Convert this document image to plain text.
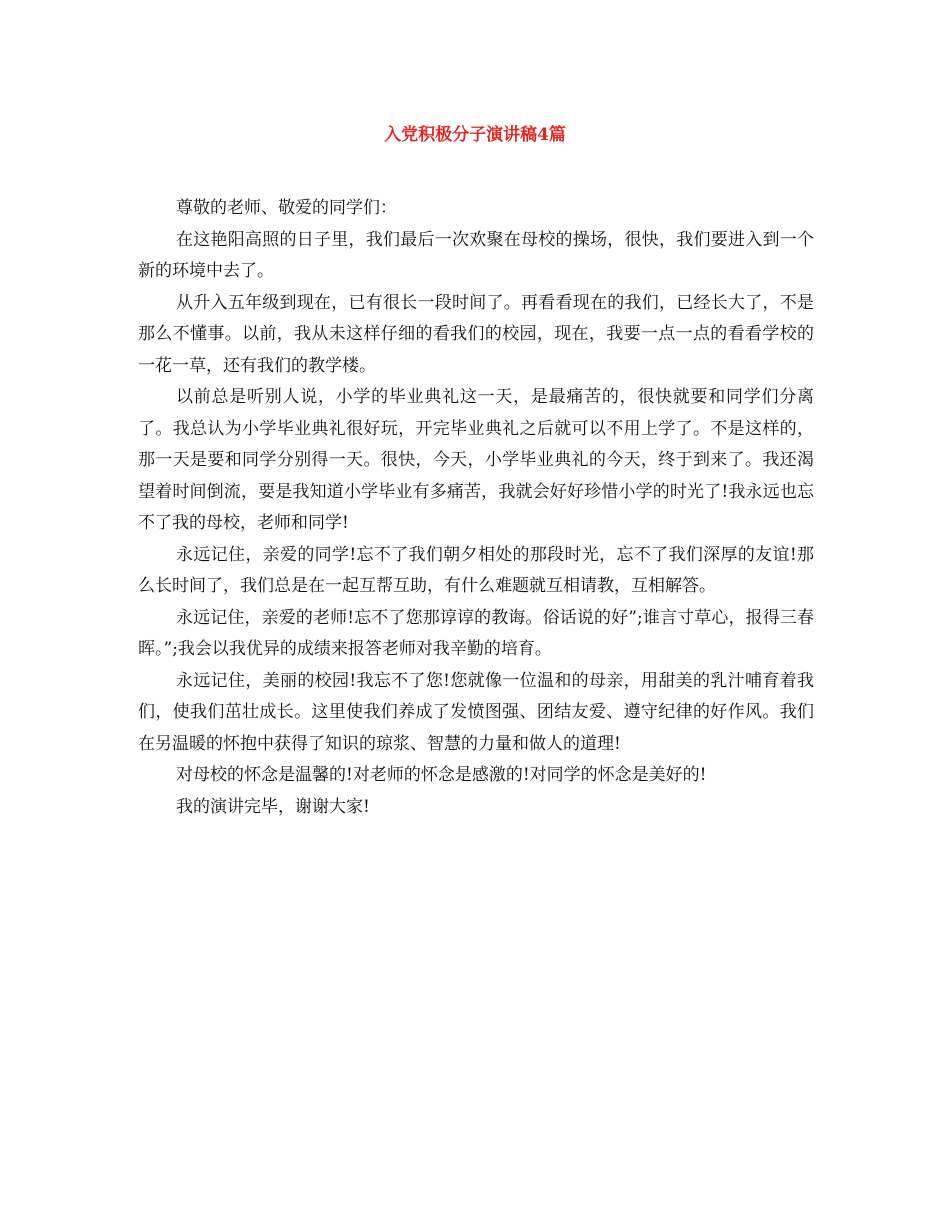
入党积极分子演讲稿4篇

尊敬的老师、敬爱的同学们：

在这艳阳高照的日子里，我们最后一次欢聚在母校的操场，很快，我们要进入到一个新的环境中去了。

从升入五年级到现在，已有很长一段时间了。再看看现在的我们，已经长大了，不是那么不懂事。以前，我从未这样仔细的看我们的校园，现在，我要一点一点的看看学校的一花一草，还有我们的教学楼。

以前总是听别人说，小学的毕业典礼这一天，是最痛苦的，很快就要和同学们分离了。我总认为小学毕业典礼很好玩，开完毕业典礼之后就可以不用上学了。不是这样的，那一天是要和同学分别得一天。很快，今天，小学毕业典礼的今天，终于到来了。我还渴望着时间倒流，要是我知道小学毕业有多痛苦，我就会好好珍惜小学的时光了!我永远也忘不了我的母校，老师和同学!

永远记住，亲爱的同学!忘不了我们朝夕相处的那段时光，忘不了我们深厚的友谊!那么长时间了，我们总是在一起互帮互助，有什么难题就互相请教，互相解答。

永远记住，亲爱的老师!忘不了您那谆谆的教诲。俗话说的好”;谁言寸草心，报得三春晖。”;我会以我优异的成绩来报答老师对我辛勤的培育。

永远记住，美丽的校园!我忘不了您!您就像一位温和的母亲，用甜美的乳汁哺育着我们，使我们茁壮成长。这里使我们养成了发愤图强、团结友爱、遵守纪律的好作风。我们在另温暖的怀抱中获得了知识的琼浆、智慧的力量和做人的道理!

对母校的怀念是温馨的!对老师的怀念是感激的!对同学的怀念是美好的!

我的演讲完毕，谢谢大家!
